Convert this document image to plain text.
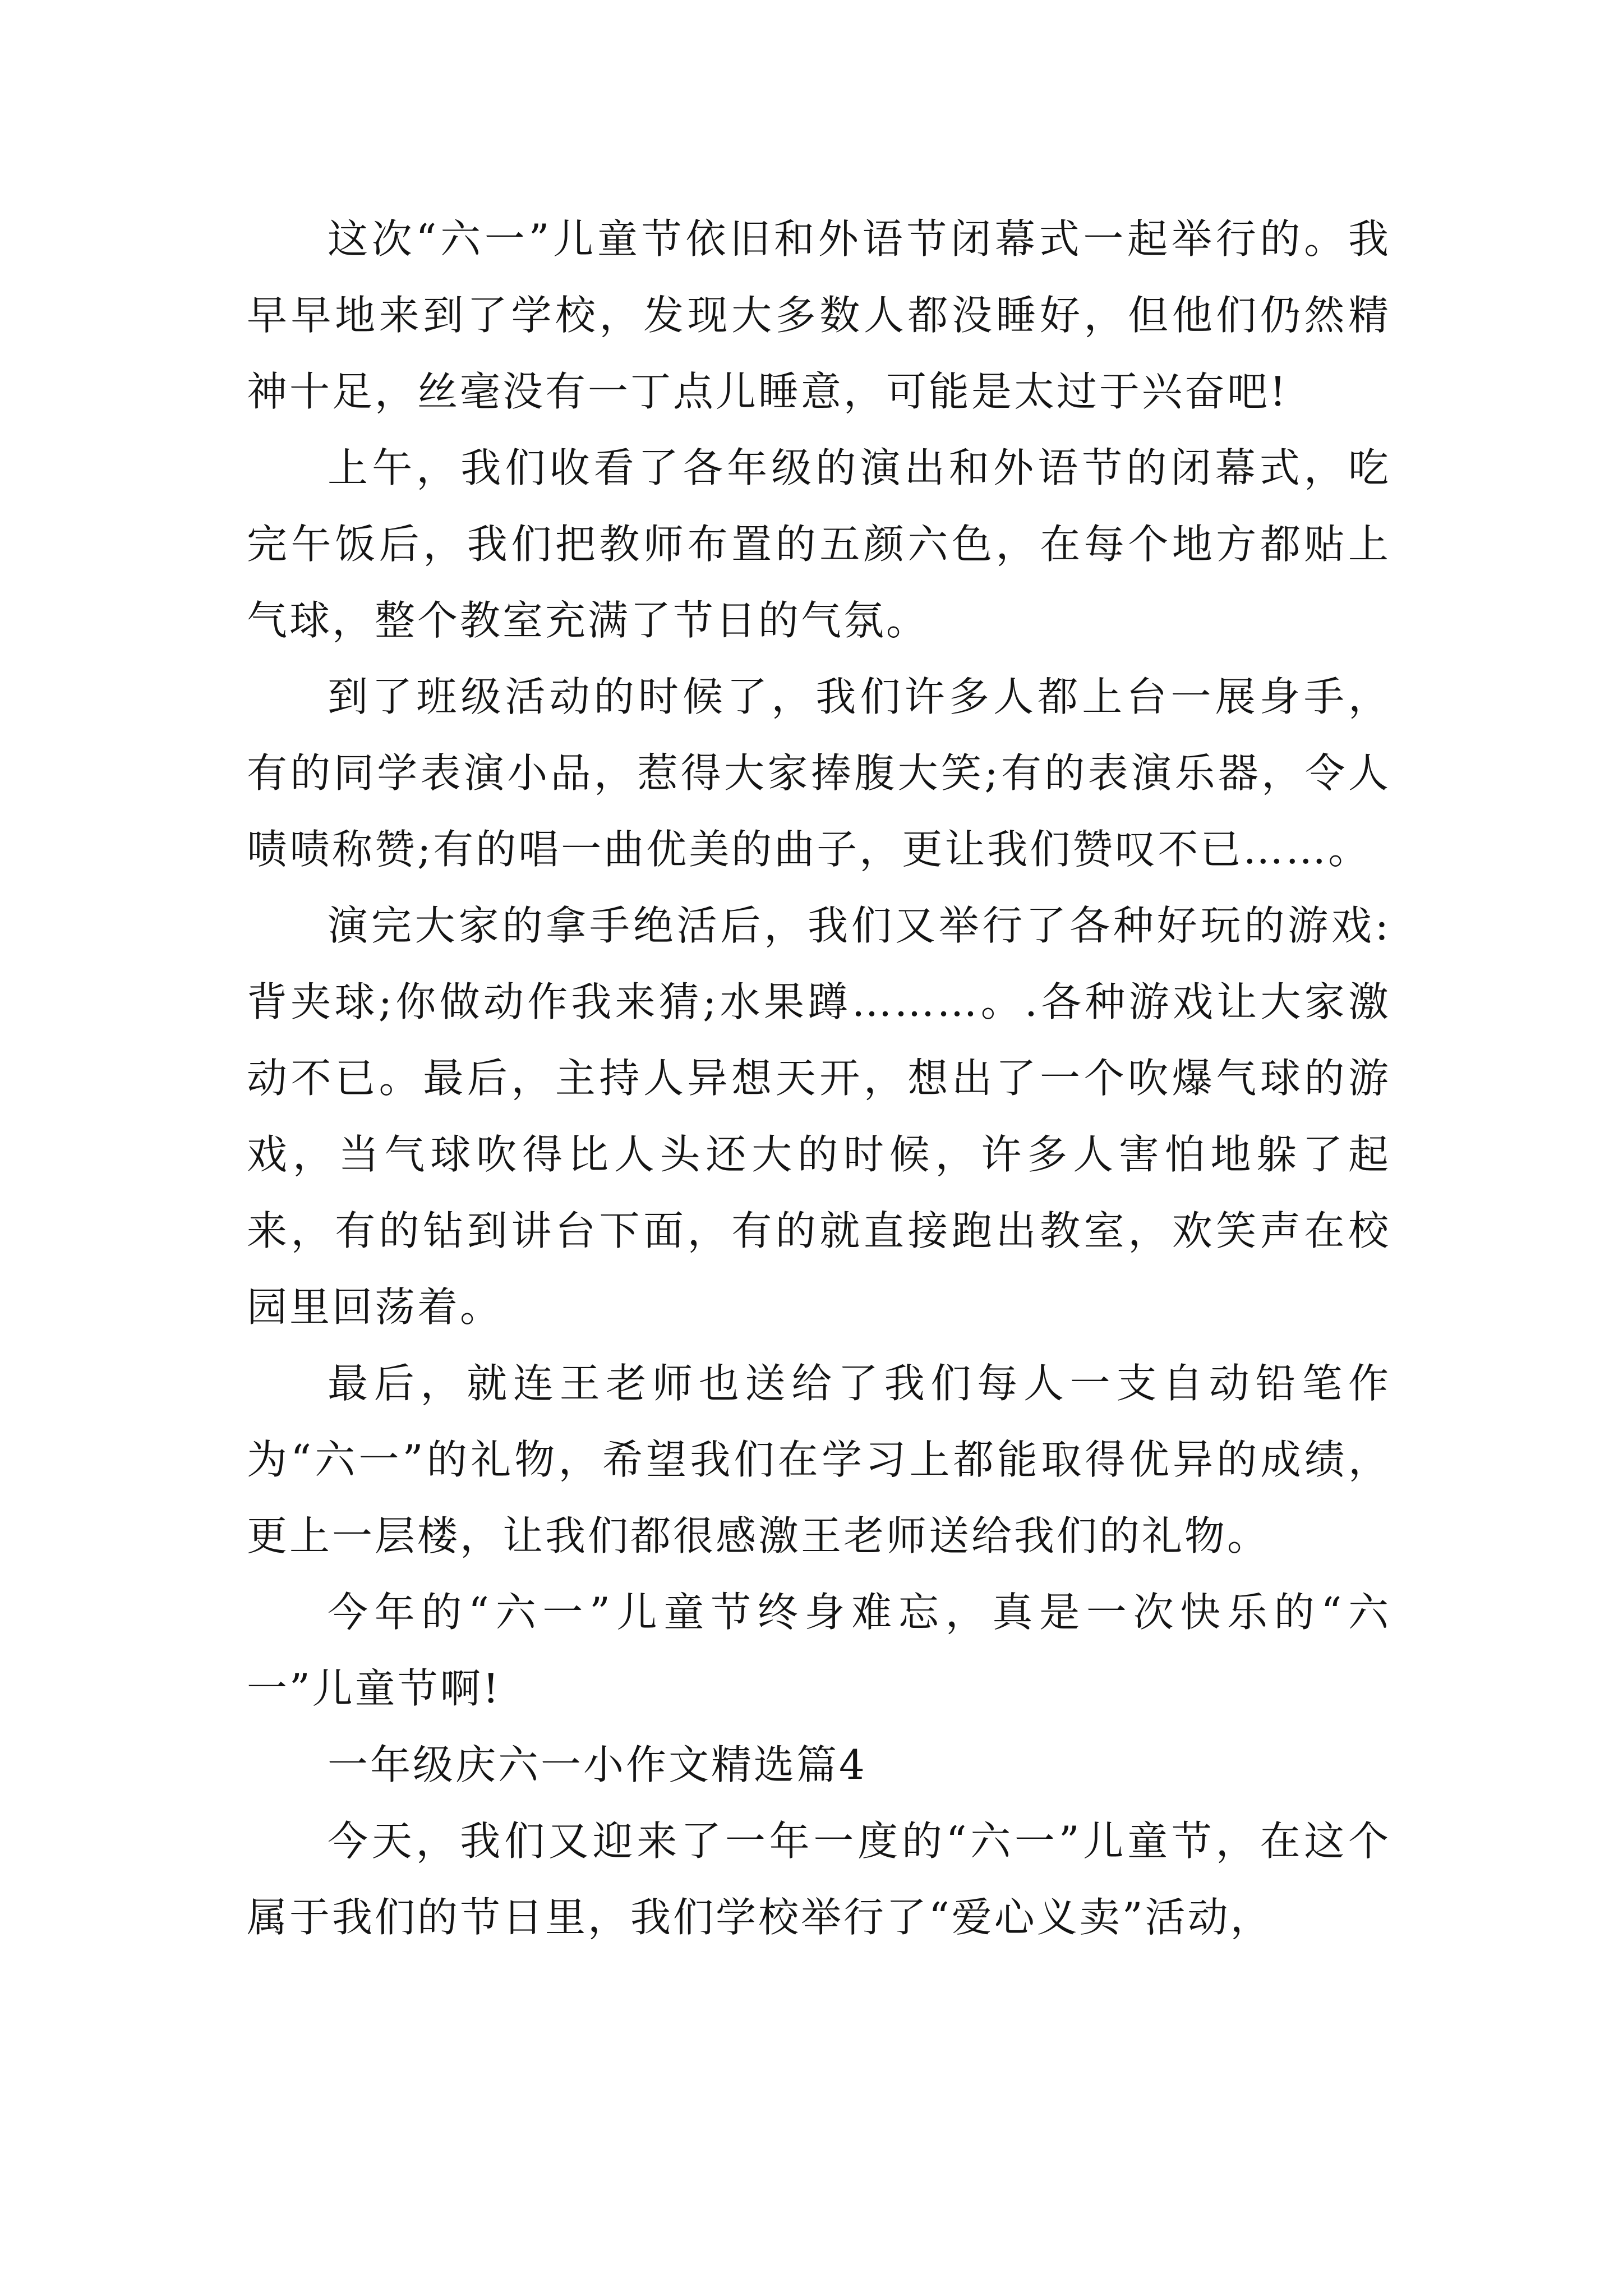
这次“六一”儿童节依旧和外语节闭幕式一起举行的。我早早地来到了学校，发现大多数人都没睡好，但他们仍然精神十足，丝毫没有一丁点儿睡意，可能是太过于兴奋吧!

上午，我们收看了各年级的演出和外语节的闭幕式，吃完午饭后，我们把教师布置的五颜六色，在每个地方都贴上气球，整个教室充满了节日的气氛。

到了班级活动的时候了，我们许多人都上台一展身手，有的同学表演小品，惹得大家捧腹大笑;有的表演乐器，令人啧啧称赞;有的唱一曲优美的曲子，更让我们赞叹不已……。

演完大家的拿手绝活后，我们又举行了各种好玩的游戏:背夹球;你做动作我来猜;水果蹲………。.各种游戏让大家激动不已。最后，主持人异想天开，想出了一个吹爆气球的游戏，当气球吹得比人头还大的时候，许多人害怕地躲了起来，有的钻到讲台下面，有的就直接跑出教室，欢笑声在校园里回荡着。

最后，就连王老师也送给了我们每人一支自动铅笔作为“六一”的礼物，希望我们在学习上都能取得优异的成绩，更上一层楼，让我们都很感激王老师送给我们的礼物。

今年的“六一”儿童节终身难忘，真是一次快乐的“六一”儿童节啊!

一年级庆六一小作文精选篇4

今天，我们又迎来了一年一度的“六一”儿童节，在这个属于我们的节日里，我们学校举行了“爱心义卖”活动，
